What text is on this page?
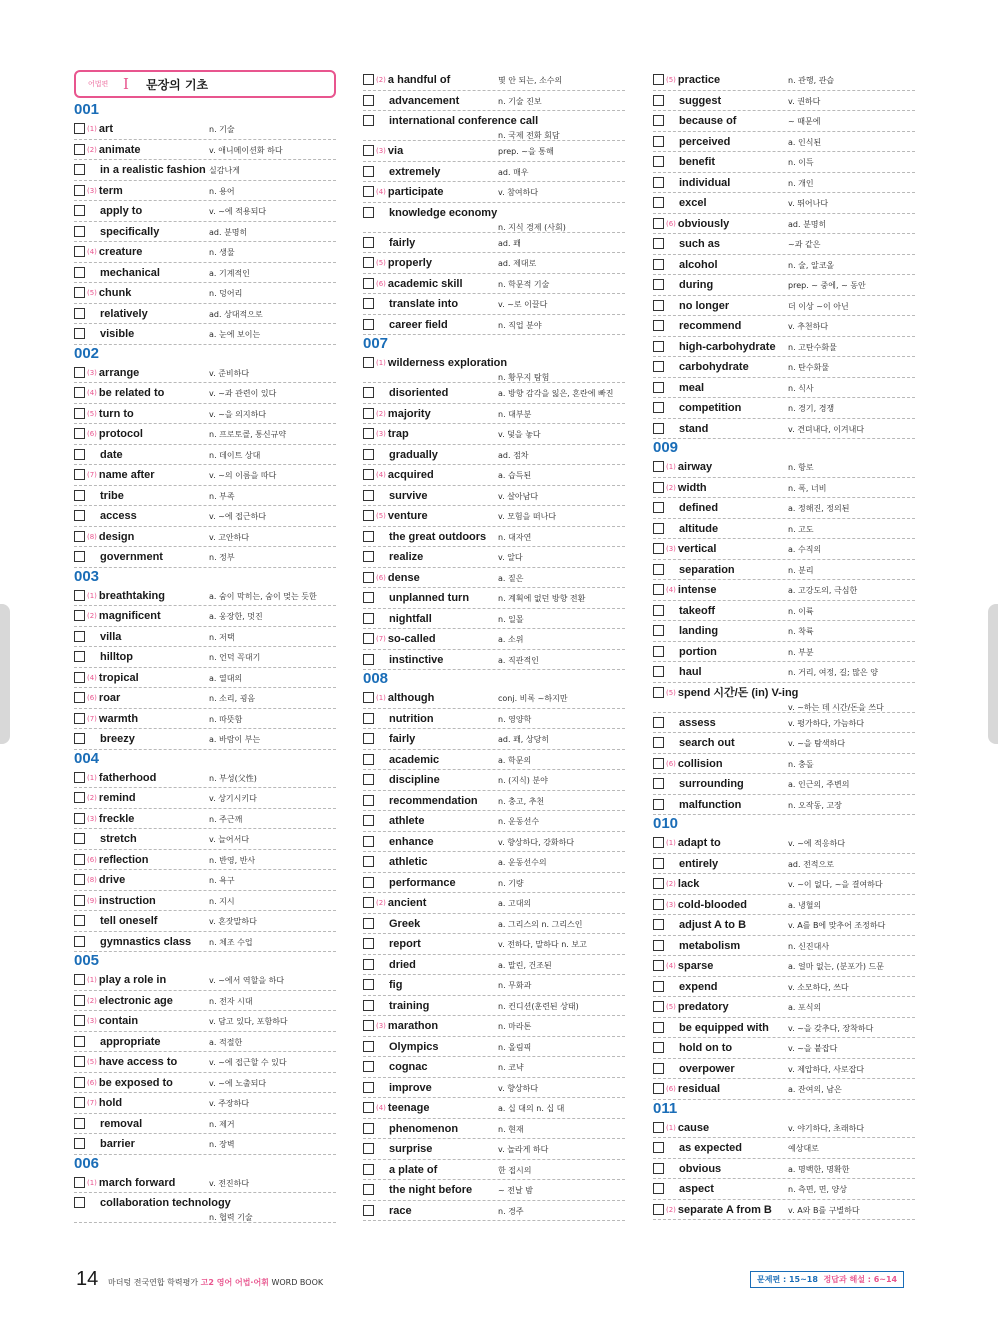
어법편 Ⅰ	문장의 기초
001
(1) art	n. 기술
(2) animate	v. 애니메이션화 하다
in a realistic fashion 실감나게
(3) term	n. 용어
apply to	v. ~에 적용되다
specifically	ad. 분명히
(4) creature	n. 생물
mechanical	a. 기계적인
(5) chunk	n. 덩어리
relatively	ad. 상대적으로
visible	a. 눈에 보이는
002
(3) arrange	v. 준비하다
(4) be related to	v. ~과 관련이 있다
(5) turn to	v. ~을 의지하다
(6) protocol	n. 프로토콜, 통신규약
date	n. 데이트 상대
(7) name after	v. ~의 이름을 따다
tribe	n. 부족
access	v. ~에 접근하다
(8) design	v. 고안하다
government	n. 정부
003
(1) breathtaking	a. 숨이 막히는, 숨이 멎는 듯한
(2) magnificent	a. 웅장한, 멋진
villa	n. 저택
hilltop	n. 언덕 꼭대기
(4) tropical	a. 열대의
(6) roar	n. 소리, 굉음
(7) warmth	n. 따뜻함
breezy	a. 바람이 부는
004
(1) fatherhood	n. 부성(父性)
(2) remind	v. 상기시키다
(3) freckle	n. 주근깨
stretch	v. 늘어서다
(6) reflection	n. 반영, 반사
(8) drive	n. 욕구
(9) instruction	n. 지시
tell oneself	v. 혼잣말하다
gymnastics class n. 체조 수업
005
(1) play a role in	v. ~에서 역할을 하다
(2) electronic age	n. 전자 시대
(3) contain	v. 담고 있다, 포함하다
appropriate	a. 적절한
(5) have access to	v. ~에 접근할 수 있다
(6) be exposed to	v. ~에 노출되다
(7) hold	v. 주장하다
removal	n. 제거
barrier	n. 장벽
006
(1) march forward	v. 전진하다
collaboration technology
n. 협력 기술
(2) a handful of	몇 안 되는, 소수의
advancement	n. 기술 진보
international conference call
n. 국제 전화 회담
(3) via	prep. ~을 통해
extremely	ad. 매우
(4) participate	v. 참여하다
knowledge economy
n. 지식 경제 (사회)
fairly	ad. 꽤
(5) properly	ad. 제대로
(6) academic skill	n. 학문적 기술
translate into	v. ~로 이끌다
career field	n. 직업 분야
007
(1) wilderness exploration
n. 황무지 탐험
disoriented	a. 방향 감각을 잃은, 혼란에 빠진
(2) majority	n. 대부분
(3) trap	v. 덫을 놓다
gradually	ad. 점차
(4) acquired	a. 습득된
survive	v. 살아남다
(5) venture	v. 모험을 떠나다
the great outdoors n. 대자연
realize	v. 알다
(6) dense	a. 짙은
unplanned turn	n. 계획에 없던 방향 전환
nightfall	n. 일몰
(7) so-called	a. 소위
instinctive	a. 직관적인
008
(1) although	conj. 비록 ~하지만
nutrition	n. 영양학
fairly	ad. 꽤, 상당히
academic	a. 학문의
discipline	n. (지식) 분야
recommendation	n. 충고, 추천
athlete	n. 운동선수
enhance	v. 향상하다, 강화하다
athletic	a. 운동선수의
performance	n. 기량
(2) ancient	a. 고대의
Greek	a. 그리스의 n. 그리스인
report	v. 전하다, 말하다 n. 보고
dried	a. 말린, 건조된
fig	n. 무화과
training	n. 컨디션(훈련된 상태)
(3) marathon	n. 마라톤
Olympics	n. 올림픽
cognac	n. 코냑
improve	v. 향상하다
(4) teenage	a. 십 대의 n. 십 대
phenomenon	n. 현재
surprise	v. 놀라게 하다
a plate of	한 접시의
the night before	~ 전날 밤
race	n. 경주
(5) practice	n. 관행, 관습
suggest	v. 권하다
because of	~ 때문에
perceived	a. 인식된
benefit	n. 이득
individual	n. 개인
excel	v. 뛰어나다
(6) obviously	ad. 분명히
such as	~과 같은
alcohol	n. 술, 알코올
during	prep. ~ 중에, ~ 동안
no longer	더 이상 ~이 아닌
recommend	v. 추천하다
high-carbohydrate n. 고탄수화물
carbohydrate	n. 탄수화물
meal	n. 식사
competition	n. 경기, 경쟁
stand	v. 견뎌내다, 이겨내다
009
(1) airway	n. 항로
(2) width	n. 폭, 너비
defined	a. 정해진, 정의된
altitude	n. 고도
(3) vertical	a. 수직의
separation	n. 분리
(4) intense	a. 고강도의, 극심한
takeoff	n. 이륙
landing	n. 착륙
portion	n. 부분
haul	n. 거리, 여정, 길; 많은 양
(5) spend 시간/돈 (in) V-ing
v. ~하는 데 시간/돈을 쓰다
assess	v. 평가하다, 가늠하다
search out	v. ~을 탐색하다
(6) collision	n. 충돌
surrounding	a. 인근의, 주변의
malfunction	n. 오작동, 고장
010
(1) adapt to	v. ~에 적응하다
entirely	ad. 전적으로
(2) lack	v. ~이 없다, ~을 결여하다
(3) cold-blooded	a. 냉혈의
adjust A to B	v. A를 B에 맞추어 조정하다
metabolism	n. 신진대사
(4) sparse	a. 얼마 없는, (분포가) 드문
expend	v. 소모하다, 쓰다
(5) predatory	a. 포식의
be equipped with v. ~을 갖추다, 장착하다
hold on to	v. ~을 붙잡다
overpower	v. 제압하다, 사로잡다
(6) residual	a. 잔여의, 남은
011
(1) cause	v. 야기하다, 초래하다
as expected	예상대로
obvious	a. 명백한, 명확한
aspect	n. 측면, 면, 양상
(2) separate A from B v. A와 B를 구별하다
14 마더텅 전국연합 학력평가 고2 영어 어법·어휘 WORD BOOK	문제편 : 15~18 정답과 해설 : 6~14
